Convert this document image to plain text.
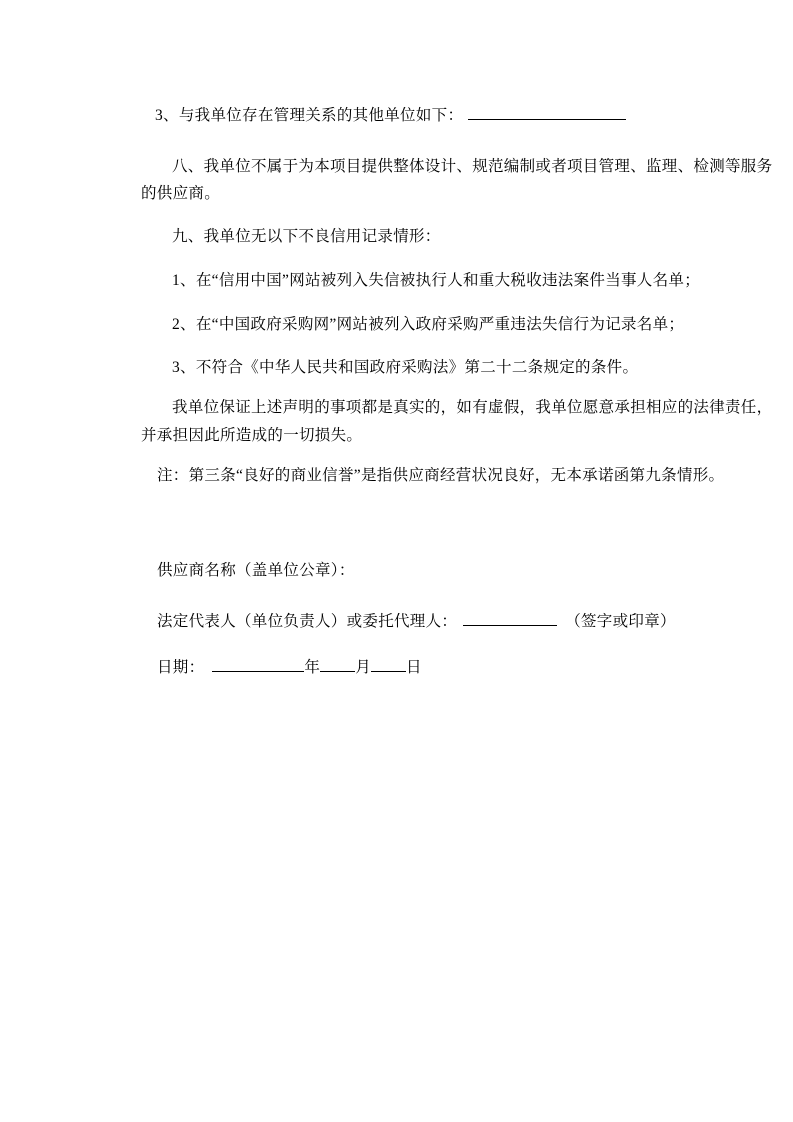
3、与我单位存在管理关系的其他单位如下：
八、我单位不属于为本项目提供整体设计、规范编制或者项目管理、监理、检测等服务
的供应商。
九、我单位无以下不良信用记录情形：
1、在“信用中国”网站被列入失信被执行人和重大税收违法案件当事人名单；
2、在“中国政府采购网”网站被列入政府采购严重违法失信行为记录名单；
3、不符合《中华人民共和国政府采购法》第二十二条规定的条件。
我单位保证上述声明的事项都是真实的，如有虚假，我单位愿意承担相应的法律责任，
并承担因此所造成的一切损失。
注：第三条“良好的商业信誉”是指供应商经营状况良好，无本承诺函第九条情形。
供应商名称（盖单位公章）：
法定代表人（单位负责人）或委托代理人：	（签字或印章）
日期：	年 月 日
